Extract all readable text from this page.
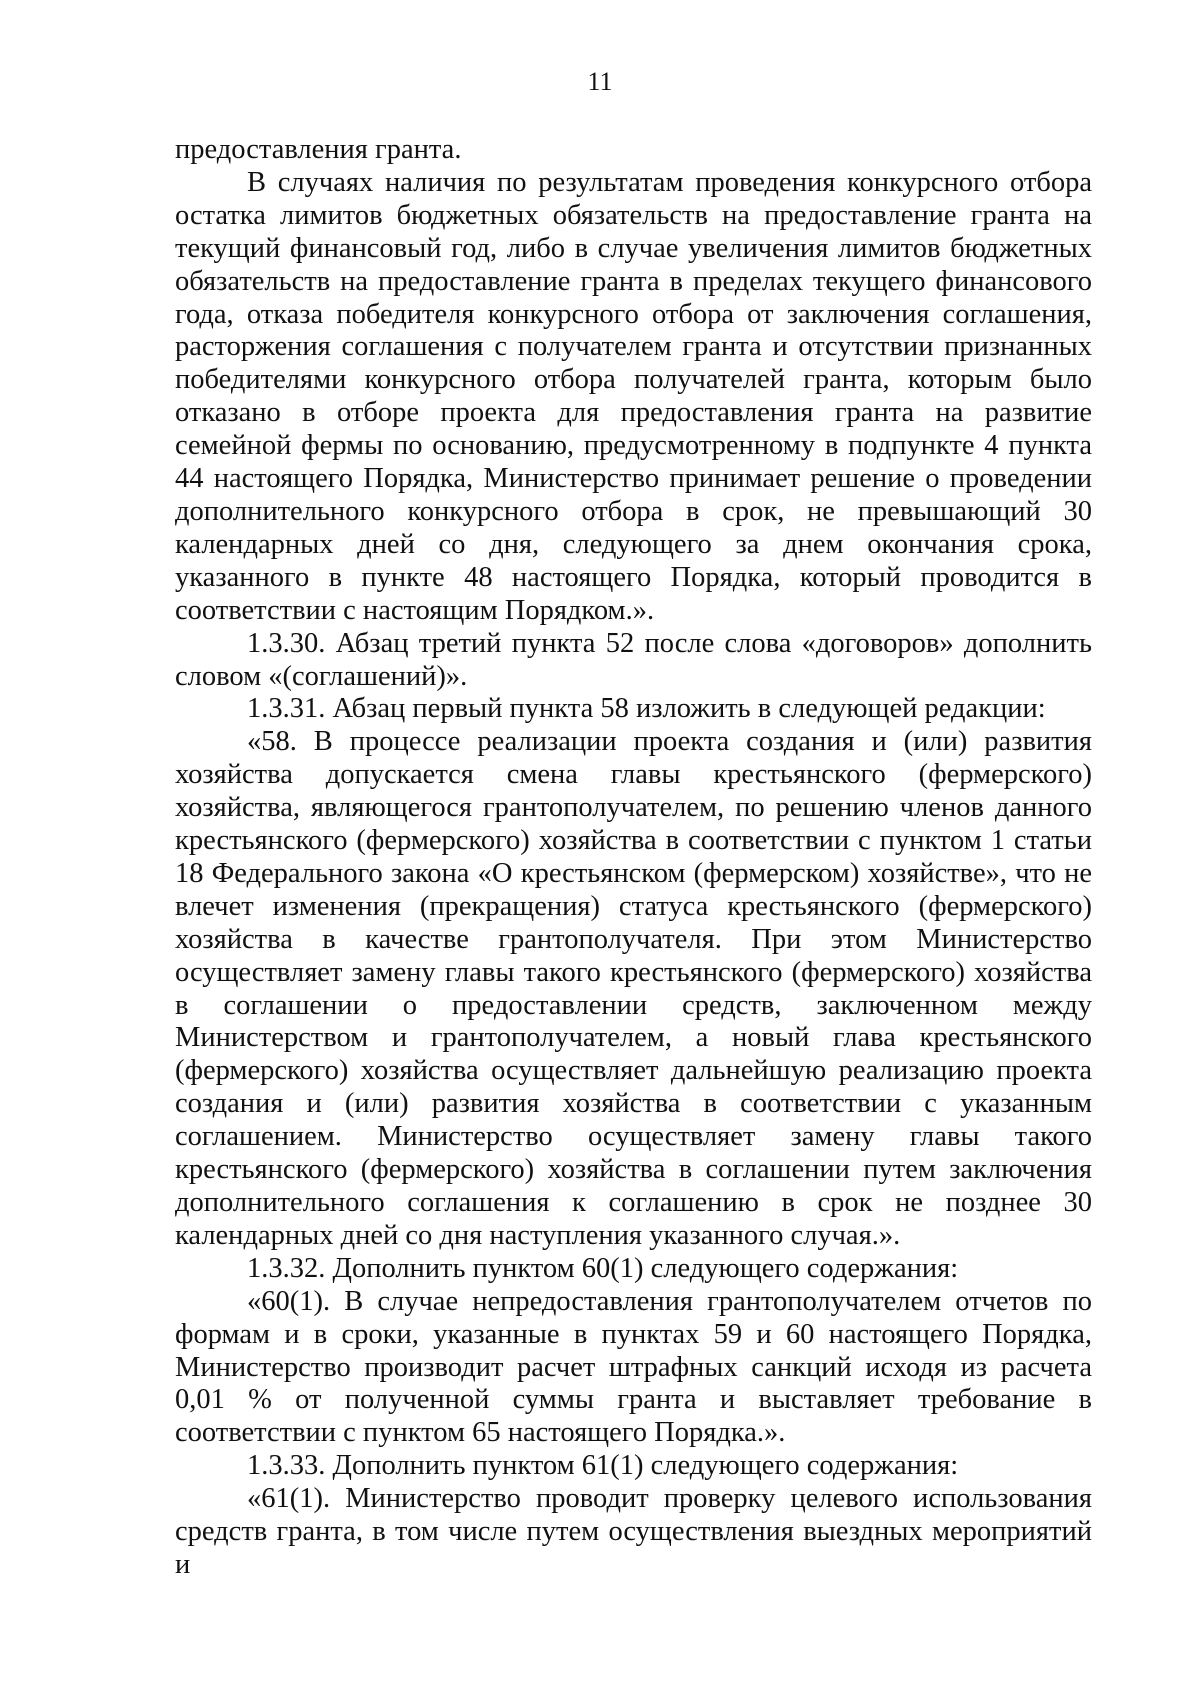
11

предоставления гранта.

В случаях наличия по результатам проведения конкурсного отбора остатка лимитов бюджетных обязательств на предоставление гранта на текущий финансовый год, либо в случае увеличения лимитов бюджетных обязательств на предоставление гранта в пределах текущего финансового года, отказа победителя конкурсного отбора от заключения соглашения, расторжения соглашения с получателем гранта и отсутствии признанных победителями конкурсного отбора получателей гранта, которым было отказано в отборе проекта для предоставления гранта на развитие семейной фермы по основанию, предусмотренному в подпункте 4 пункта 44 настоящего Порядка, Министерство принимает решение о проведении дополнительного конкурсного отбора в срок, не превышающий 30 календарных дней со дня, следующего за днем окончания срока, указанного в пункте 48 настоящего Порядка, который проводится в соответствии с настоящим Порядком.».

1.3.30. Абзац третий пункта 52 после слова «договоров» дополнить словом «(соглашений)».

1.3.31. Абзац первый пункта 58 изложить в следующей редакции:

«58. В процессе реализации проекта создания и (или) развития хозяйства допускается смена главы крестьянского (фермерского) хозяйства, являющегося грантополучателем, по решению членов данного крестьянского (фермерского) хозяйства в соответствии с пунктом 1 статьи 18 Федерального закона «О крестьянском (фермерском) хозяйстве», что не влечет изменения (прекращения) статуса крестьянского (фермерского) хозяйства в качестве грантополучателя. При этом Министерство осуществляет замену главы такого крестьянского (фермерского) хозяйства в соглашении о предоставлении средств, заключенном между Министерством и грантополучателем, а новый глава крестьянского (фермерского) хозяйства осуществляет дальнейшую реализацию проекта создания и (или) развития хозяйства в соответствии с указанным соглашением. Министерство осуществляет замену главы такого крестьянского (фермерского) хозяйства в соглашении путем заключения дополнительного соглашения к соглашению в срок не позднее 30 календарных дней со дня наступления указанного случая.».

1.3.32. Дополнить пунктом 60(1) следующего содержания:

«60(1). В случае непредоставления грантополучателем отчетов по формам и в сроки, указанные в пунктах 59 и 60 настоящего Порядка, Министерство производит расчет штрафных санкций исходя из расчета 0,01 % от полученной суммы гранта и выставляет требование в соответствии с пунктом 65 настоящего Порядка.».

1.3.33. Дополнить пунктом 61(1) следующего содержания:

«61(1). Министерство проводит проверку целевого использования средств гранта, в том числе путем осуществления выездных мероприятий и
